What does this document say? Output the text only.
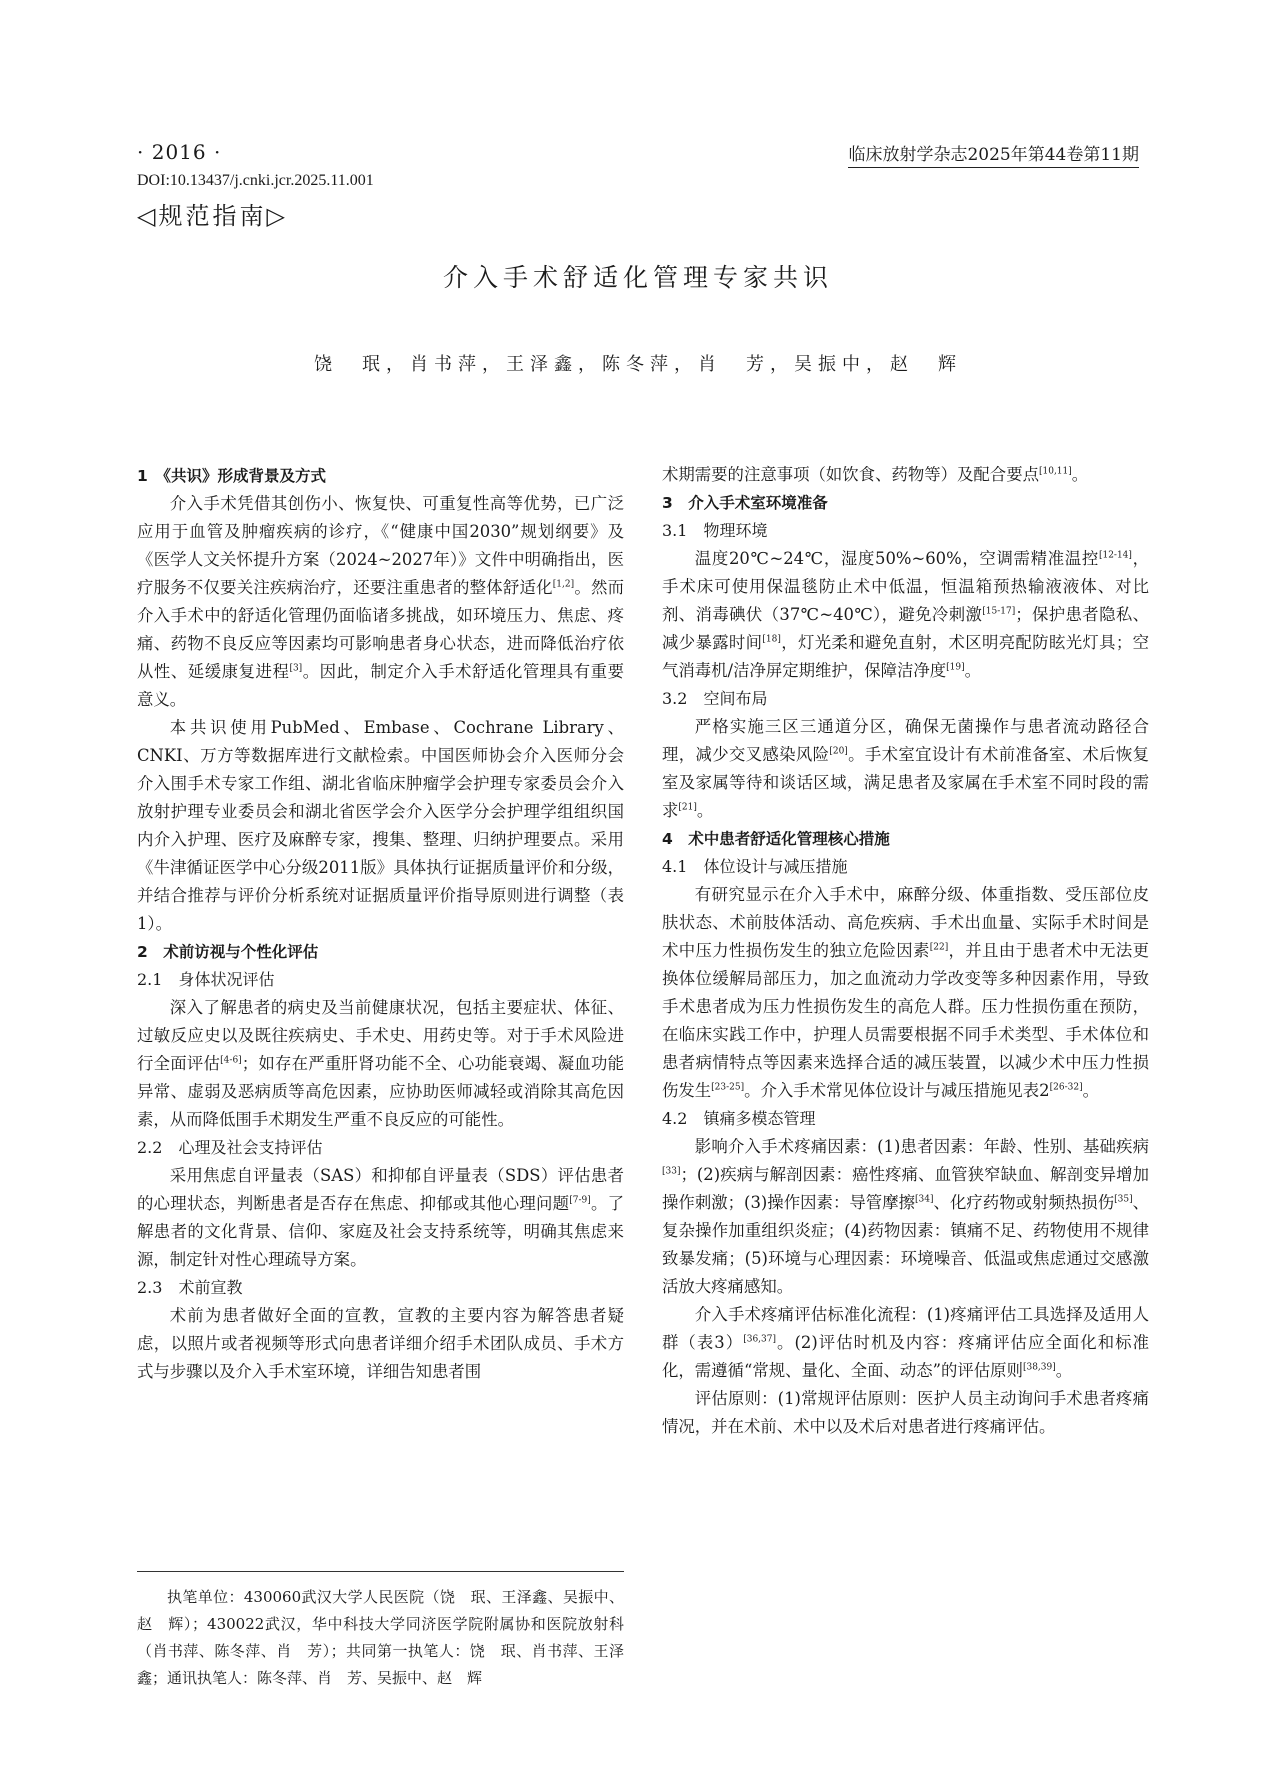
· 2016 ·	临床放射学杂志2025年第44卷第11期
DOI:10.13437/j.cnki.jcr.2025.11.001
◁规范指南▷
介入手术舒适化管理专家共识
饶　珉，肖书萍，王泽鑫，陈冬萍，肖　芳，吴振中，赵　辉

1　《共识》形成背景及方式

介入手术凭借其创伤小、恢复快、可重复性高等优势，已广泛应用于血管及肿瘤疾病的诊疗，《“健康中国2030”规划纲要》及《医学人文关怀提升方案（2024~2027年）》文件中明确指出，医疗服务不仅要关注疾病治疗，还要注重患者的整体舒适化[1,2]。然而介入手术中的舒适化管理仍面临诸多挑战，如环境压力、焦虑、疼痛、药物不良反应等因素均可影响患者身心状态，进而降低治疗依从性、延缓康复进程[3]。因此，制定介入手术舒适化管理具有重要意义。

本共识使用PubMed、Embase、Cochrane Library、CNKI、万方等数据库进行文献检索。中国医师协会介入医师分会介入围手术专家工作组、湖北省临床肿瘤学会护理专家委员会介入放射护理专业委员会和湖北省医学会介入医学分会护理学组组织国内介入护理、医疗及麻醉专家，搜集、整理、归纳护理要点。采用《牛津循证医学中心分级2011版》具体执行证据质量评价和分级，并结合推荐与评价分析系统对证据质量评价指导原则进行调整（表1）。

2　术前访视与个性化评估

2.1　身体状况评估

深入了解患者的病史及当前健康状况，包括主要症状、体征、过敏反应史以及既往疾病史、手术史、用药史等。对于手术风险进行全面评估[4-6]；如存在严重肝肾功能不全、心功能衰竭、凝血功能异常、虚弱及恶病质等高危因素，应协助医师减轻或消除其高危因素，从而降低围手术期发生严重不良反应的可能性。

2.2　心理及社会支持评估

采用焦虑自评量表（SAS）和抑郁自评量表（SDS）评估患者的心理状态，判断患者是否存在焦虑、抑郁或其他心理问题[7-9]。了解患者的文化背景、信仰、家庭及社会支持系统等，明确其焦虑来源，制定针对性心理疏导方案。

2.3　术前宣教

术前为患者做好全面的宣教，宣教的主要内容为解答患者疑虑，以照片或者视频等形式向患者详细介绍手术团队成员、手术方式与步骤以及介入手术室环境，详细告知患者围

执笔单位：430060武汉大学人民医院（饶　珉、王泽鑫、吴振中、赵　辉）；430022武汉，华中科技大学同济医学院附属协和医院放射科（肖书萍、陈冬萍、肖　芳）；共同第一执笔人：饶　珉、肖书萍、王泽鑫；通讯执笔人：陈冬萍、肖　芳、吴振中、赵　辉

术期需要的注意事项（如饮食、药物等）及配合要点[10,11]。

3　介入手术室环境准备

3.1　物理环境

温度20℃~24℃，湿度50%~60%，空调需精准温控[12-14]，手术床可使用保温毯防止术中低温，恒温箱预热输液液体、对比剂、消毒碘伏（37℃~40℃），避免冷刺激[15-17]；保护患者隐私、减少暴露时间[18]，灯光柔和避免直射，术区明亮配防眩光灯具；空气消毒机/洁净屏定期维护，保障洁净度[19]。

3.2　空间布局

严格实施三区三通道分区，确保无菌操作与患者流动路径合理，减少交叉感染风险[20]。手术室宜设计有术前准备室、术后恢复室及家属等待和谈话区域，满足患者及家属在手术室不同时段的需求[21]。

4　术中患者舒适化管理核心措施

4.1　体位设计与减压措施

有研究显示在介入手术中，麻醉分级、体重指数、受压部位皮肤状态、术前肢体活动、高危疾病、手术出血量、实际手术时间是术中压力性损伤发生的独立危险因素[22]，并且由于患者术中无法更换体位缓解局部压力，加之血流动力学改变等多种因素作用，导致手术患者成为压力性损伤发生的高危人群。压力性损伤重在预防，在临床实践工作中，护理人员需要根据不同手术类型、手术体位和患者病情特点等因素来选择合适的减压装置，以减少术中压力性损伤发生[23-25]。介入手术常见体位设计与减压措施见表2[26-32]。

4.2　镇痛多模态管理

影响介入手术疼痛因素：(1)患者因素：年龄、性别、基础疾病[33]；(2)疾病与解剖因素：癌性疼痛、血管狭窄缺血、解剖变异增加操作刺激；(3)操作因素：导管摩擦[34]、化疗药物或射频热损伤[35]、复杂操作加重组织炎症；(4)药物因素：镇痛不足、药物使用不规律致暴发痛；(5)环境与心理因素：环境噪音、低温或焦虑通过交感激活放大疼痛感知。

介入手术疼痛评估标准化流程：(1)疼痛评估工具选择及适用人群（表3）[36,37]。(2)评估时机及内容：疼痛评估应全面化和标准化，需遵循“常规、量化、全面、动态”的评估原则[38,39]。

评估原则：(1)常规评估原则：医护人员主动询问手术患者疼痛情况，并在术前、术中以及术后对患者进行疼痛评估。
